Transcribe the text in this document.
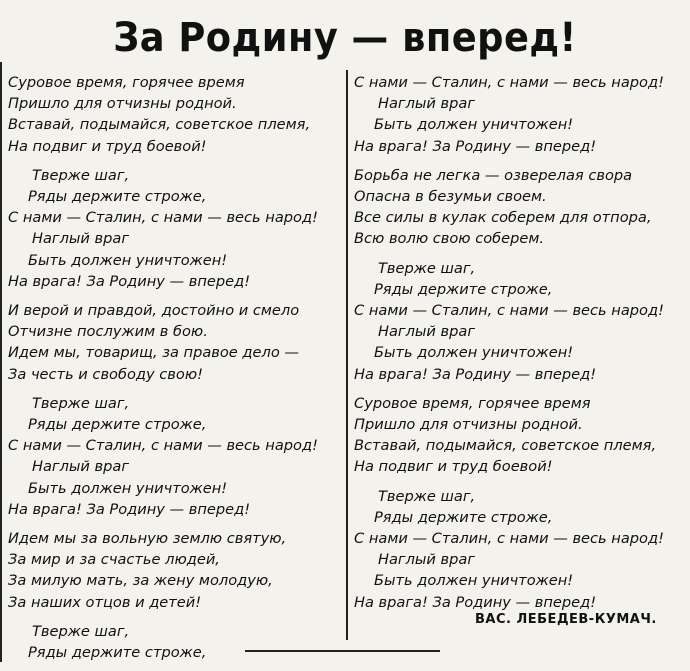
За Родину — вперед!
Суровое время, горячее время
Пришло для отчизны родной.
Вставай, подымайся, советское племя,
На подвиг и труд боевой!
Тверже шаг,
Ряды держите строже,
С нами — Сталин, с нами — весь народ!
Наглый враг
Быть должен уничтожен!
На врага! За Родину — вперед!
И верой и правдой, достойно и смело
Отчизне послужим в бою.
Идем мы, товарищ, за правое дело —
За честь и свободу свою!
Тверже шаг,
Ряды держите строже,
С нами — Сталин, с нами — весь народ!
Наглый враг
Быть должен уничтожен!
На врага! За Родину — вперед!
Идем мы за вольную землю святую,
За мир и за счастье людей,
За милую мать, за жену молодую,
За наших отцов и детей!
Тверже шаг,
Ряды держите строже,
С нами — Сталин, с нами — весь народ!
Наглый враг
Быть должен уничтожен!
На врага! За Родину — вперед!
Борьба не легка — озверелая свора
Опасна в безумьи своем.
Все силы в кулак соберем для отпора,
Всю волю свою соберем.
Тверже шаг,
Ряды держите строже,
С нами — Сталин, с нами — весь народ!
Наглый враг
Быть должен уничтожен!
На врага! За Родину — вперед!
Суровое время, горячее время
Пришло для отчизны родной.
Вставай, подымайся, советское племя,
На подвиг и труд боевой!
Тверже шаг,
Ряды держите строже,
С нами — Сталин, с нами — весь народ!
Наглый враг
Быть должен уничтожен!
На врага! За Родину — вперед!
ВАС. ЛЕБЕДЕВ-КУМАЧ.
